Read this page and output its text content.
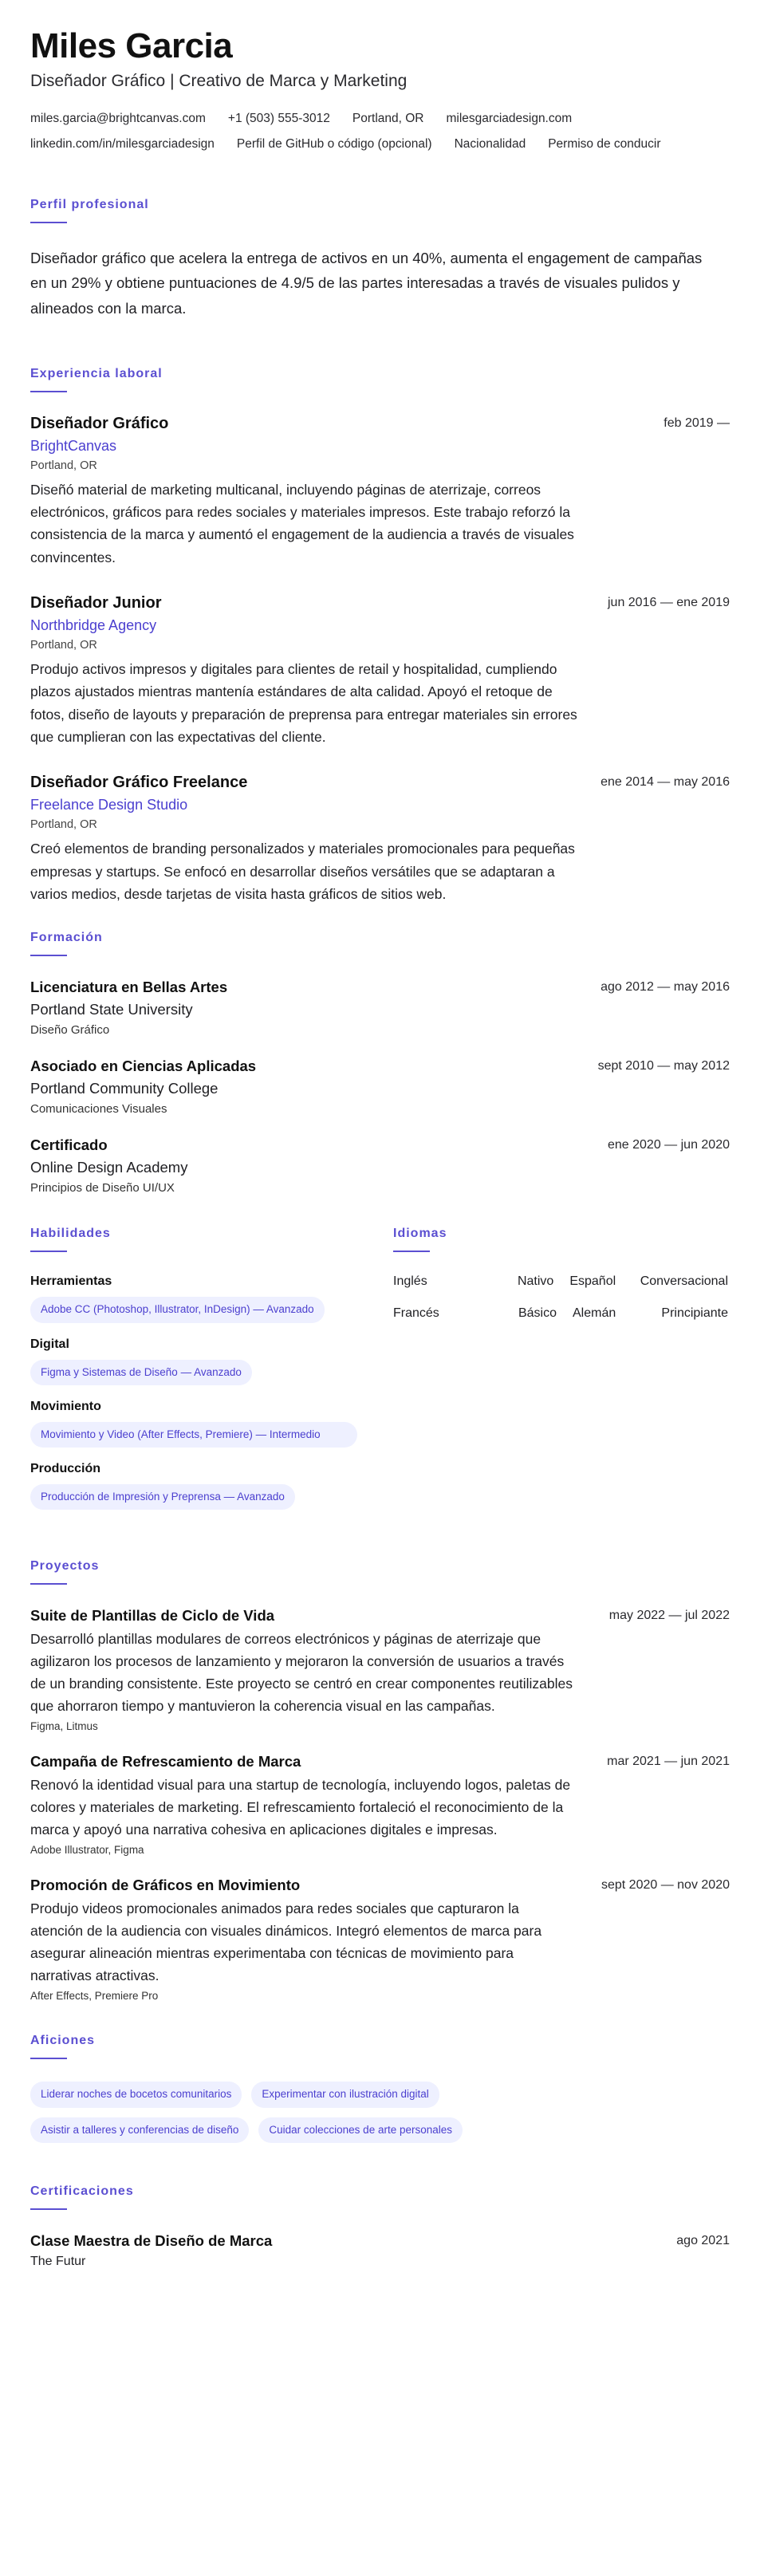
Miles Garcia
Diseñador Gráfico | Creativo de Marca y Marketing
miles.garcia@brightcanvas.com +1 (503) 555-3012 Portland, OR milesgarciadesign.com
linkedin.com/in/milesgarciadesign Perfil de GitHub o código (opcional) Nacionalidad Permiso de conducir
Perfil profesional

Diseñador gráfico que acelera la entrega de activos en un 40%, aumenta el engagement de campañas en un 29% y obtiene puntuaciones de 4.9/5 de las partes interesadas a través de visuales pulidos y alineados con la marca.

Experiencia laboral
Diseñador Gráfico	feb 2019 —
BrightCanvas
Portland, OR
Diseñó material de marketing multicanal, incluyendo páginas de aterrizaje, correos electrónicos, gráficos para redes sociales y materiales impresos. Este trabajo reforzó la consistencia de la marca y aumentó el engagement de la audiencia a través de visuales convincentes.
Diseñador Junior	jun 2016 — ene 2019
Northbridge Agency
Portland, OR
Produjo activos impresos y digitales para clientes de retail y hospitalidad, cumpliendo plazos ajustados mientras mantenía estándares de alta calidad. Apoyó el retoque de fotos, diseño de layouts y preparación de preprensa para entregar materiales sin errores que cumplieran con las expectativas del cliente.
Diseñador Gráfico Freelance	ene 2014 — may 2016
Freelance Design Studio
Portland, OR
Creó elementos de branding personalizados y materiales promocionales para pequeñas empresas y startups. Se enfocó en desarrollar diseños versátiles que se adaptaran a varios medios, desde tarjetas de visita hasta gráficos de sitios web.
Formación
Licenciatura en Bellas Artes	ago 2012 — may 2016
Portland State University
Diseño Gráfico
Asociado en Ciencias Aplicadas	sept 2010 — may 2012
Portland Community College
Comunicaciones Visuales
Certificado	ene 2020 — jun 2020
Online Design Academy
Principios de Diseño UI/UX
Habilidades
Herramientas
Adobe CC (Photoshop, Illustrator, InDesign) — Avanzado
Digital
Figma y Sistemas de Diseño — Avanzado
Movimiento
Movimiento y Video (After Effects, Premiere) — Intermedio
Producción
Producción de Impresión y Preprensa — Avanzado
Idiomas
Inglés	Nativo Español	Conversacional
Francés	Básico Alemán	Principiante
Proyectos
Suite de Plantillas de Ciclo de Vida	may 2022 — jul 2022
Desarrolló plantillas modulares de correos electrónicos y páginas de aterrizaje que agilizaron los procesos de lanzamiento y mejoraron la conversión de usuarios a través de un branding consistente. Este proyecto se centró en crear componentes reutilizables que ahorraron tiempo y mantuvieron la coherencia visual en las campañas.
Figma, Litmus
Campaña de Refrescamiento de Marca	mar 2021 — jun 2021
Renovó la identidad visual para una startup de tecnología, incluyendo logos, paletas de colores y materiales de marketing. El refrescamiento fortaleció el reconocimiento de la marca y apoyó una narrativa cohesiva en aplicaciones digitales e impresas.
Adobe Illustrator, Figma
Promoción de Gráficos en Movimiento	sept 2020 — nov 2020
Produjo videos promocionales animados para redes sociales que capturaron la atención de la audiencia con visuales dinámicos. Integró elementos de marca para asegurar alineación mientras experimentaba con técnicas de movimiento para narrativas atractivas.
After Effects, Premiere Pro
Aficiones
Liderar noches de bocetos comunitarios	Experimentar con ilustración digital
Asistir a talleres y conferencias de diseño	Cuidar colecciones de arte personales
Certificaciones
Clase Maestra de Diseño de Marca	ago 2021
The Futur
